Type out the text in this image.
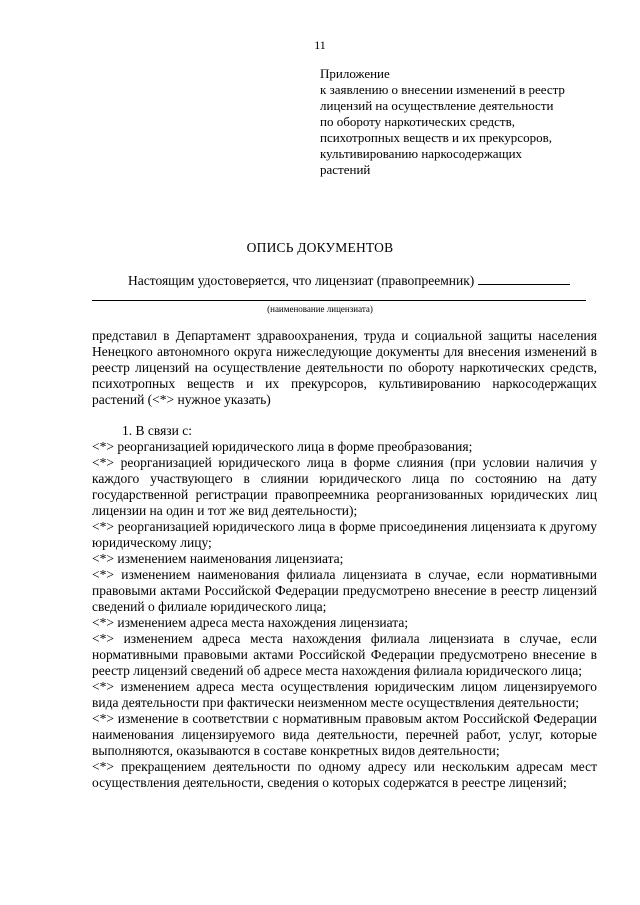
11
Приложение
к заявлению о внесении изменений в реестр
лицензий на осуществление деятельности
по обороту наркотических средств,
психотропных веществ и их прекурсоров,
культивированию наркосодержащих
растений
ОПИСЬ ДОКУМЕНТОВ
Настоящим удостоверяется, что лицензиат (правопреемник)
(наименование лицензиата)

представил в Департамент здравоохранения, труда и социальной защиты населения Ненецкого автономного округа нижеследующие документы для внесения изменений в реестр лицензий на осуществление деятельности по обороту наркотических средств, психотропных веществ и их прекурсоров, культивированию наркосодержащих растений (<*> нужное указать)

1. В связи с:

<*> реорганизацией юридического лица в форме преобразования;

<*> реорганизацией юридического лица в форме слияния (при условии наличия у каждого участвующего в слиянии юридического лица по состоянию на дату государственной регистрации правопреемника реорганизованных юридических лиц лицензии на один и тот же вид деятельности);

<*> реорганизацией юридического лица в форме присоединения лицензиата к другому юридическому лицу;

<*> изменением наименования лицензиата;

<*> изменением наименования филиала лицензиата в случае, если нормативными правовыми актами Российской Федерации предусмотрено внесение в реестр лицензий сведений о филиале юридического лица;

<*> изменением адреса места нахождения лицензиата;

<*> изменением адреса места нахождения филиала лицензиата в случае, если нормативными правовыми актами Российской Федерации предусмотрено внесение в реестр лицензий сведений об адресе места нахождения филиала юридического лица;

<*> изменением адреса места осуществления юридическим лицом лицензируемого вида деятельности при фактически неизменном месте осуществления деятельности;

<*> изменение в соответствии с нормативным правовым актом Российской Федерации наименования лицензируемого вида деятельности, перечней работ, услуг, которые выполняются, оказываются в составе конкретных видов деятельности;

<*> прекращением деятельности по одному адресу или нескольким адресам мест осуществления деятельности, сведения о которых содержатся в реестре лицензий;
